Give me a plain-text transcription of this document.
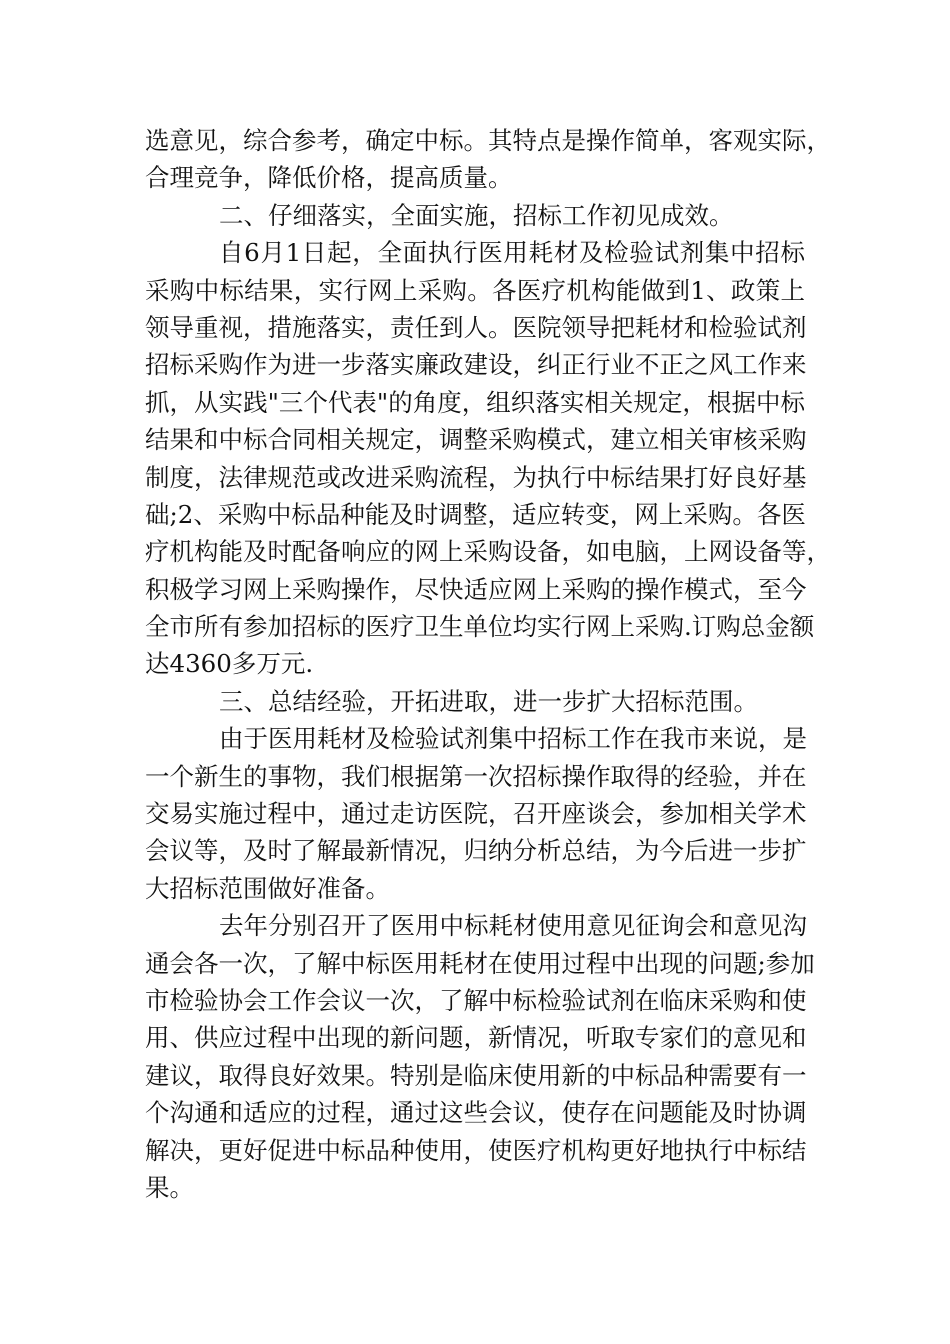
选意见，综合参考，确定中标。其特点是操作简单，客观实际，
合理竞争，降低价格，提高质量。
二、仔细落实，全面实施，招标工作初见成效。
自6月1日起，全面执行医用耗材及检验试剂集中招标
采购中标结果，实行网上采购。各医疗机构能做到1、政策上
领导重视，措施落实，责任到人。医院领导把耗材和检验试剂
招标采购作为进一步落实廉政建设，纠正行业不正之风工作来
抓，从实践"三个代表"的角度，组织落实相关规定，根据中标
结果和中标合同相关规定，调整采购模式，建立相关审核采购
制度，法律规范或改进采购流程，为执行中标结果打好良好基
础;2、采购中标品种能及时调整，适应转变，网上采购。各医
疗机构能及时配备响应的网上采购设备，如电脑，上网设备等，
积极学习网上采购操作，尽快适应网上采购的操作模式，至今
全市所有参加招标的医疗卫生单位均实行网上采购.订购总金额
达4360多万元.
三、总结经验，开拓进取，进一步扩大招标范围。
由于医用耗材及检验试剂集中招标工作在我市来说，是
一个新生的事物，我们根据第一次招标操作取得的经验，并在
交易实施过程中，通过走访医院，召开座谈会，参加相关学术
会议等，及时了解最新情况，归纳分析总结，为今后进一步扩
大招标范围做好准备。
去年分别召开了医用中标耗材使用意见征询会和意见沟
通会各一次，了解中标医用耗材在使用过程中出现的问题;参加
市检验协会工作会议一次，了解中标检验试剂在临床采购和使
用、供应过程中出现的新问题，新情况，听取专家们的意见和
建议，取得良好效果。特别是临床使用新的中标品种需要有一
个沟通和适应的过程，通过这些会议，使存在问题能及时协调
解决，更好促进中标品种使用，使医疗机构更好地执行中标结
果。
